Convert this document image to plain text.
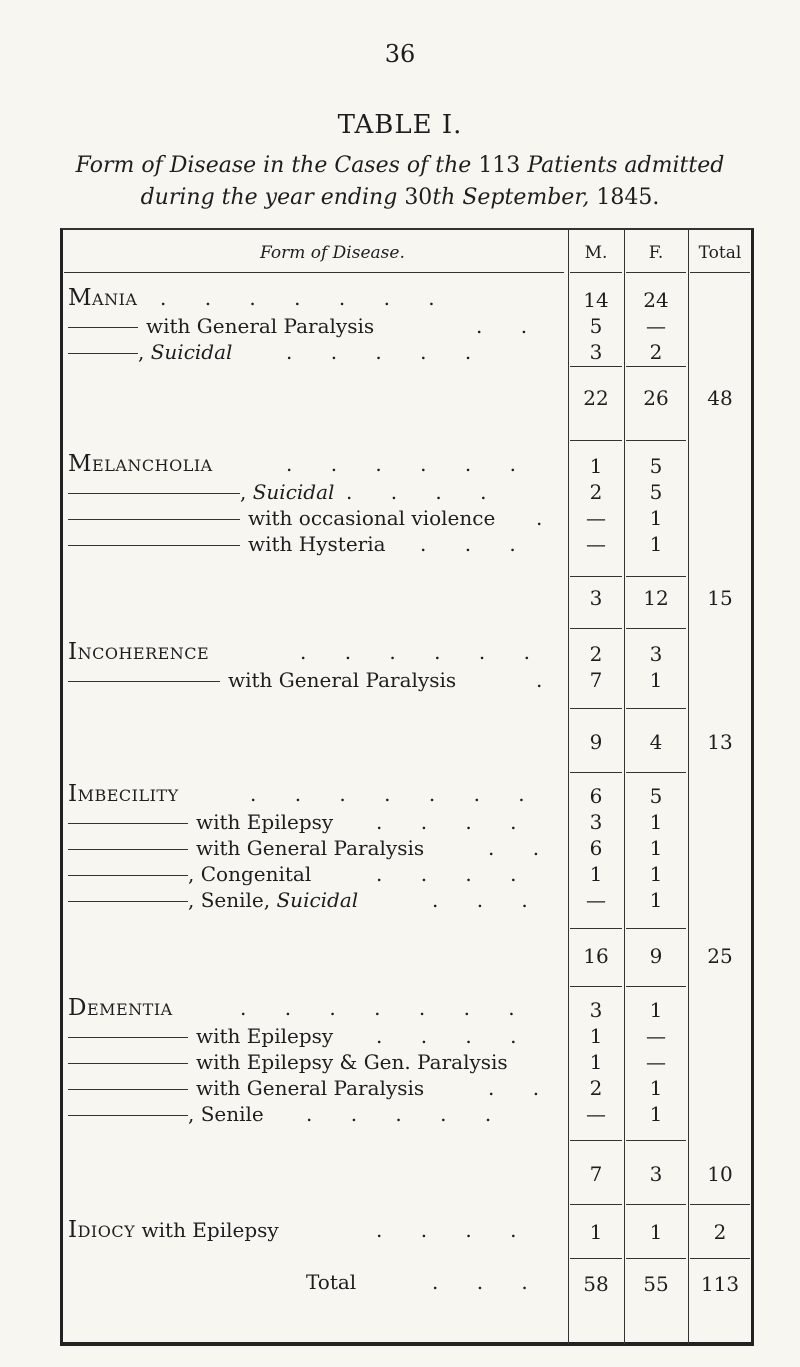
36
TABLE I.
Form of Disease in the Cases of the 113 Patients admitted
during the year ending 30th September, 1845.
Form of Disease.	M.	F.	Total
Mania . . . . . . .	14	24
with General Paralysis	. .	5	—
, Suicidal	. . . . .	3	2
22	26	48
Melancholia	. . . . . .	1	5
, Suicidal . . . .	2	5
with occasional violence .	—	1
with Hysteria . . .	—	1
3	12	15
Incoherence	. . . . . .	2	3
with General Paralysis	.	7	1
9	4	13
Imbecility	. . . . . . .	6	5
with Epilepsy . . . .	3	1
with General Paralysis	. .	6	1
, Congenital	. . . .	1	1
, Senile, Suicidal	. . .	—	1
16	9	25
Dementia	. . . . . . .	3	1
with Epilepsy . . . .	1	—
with Epilepsy & Gen. Paralysis	1	—
with General Paralysis	. .	2	1
, Senile . . . . .	—	1
7	3	10
Idiocy with Epilepsy	. . . .	1	1	2
Total	. . .	58	55	113
